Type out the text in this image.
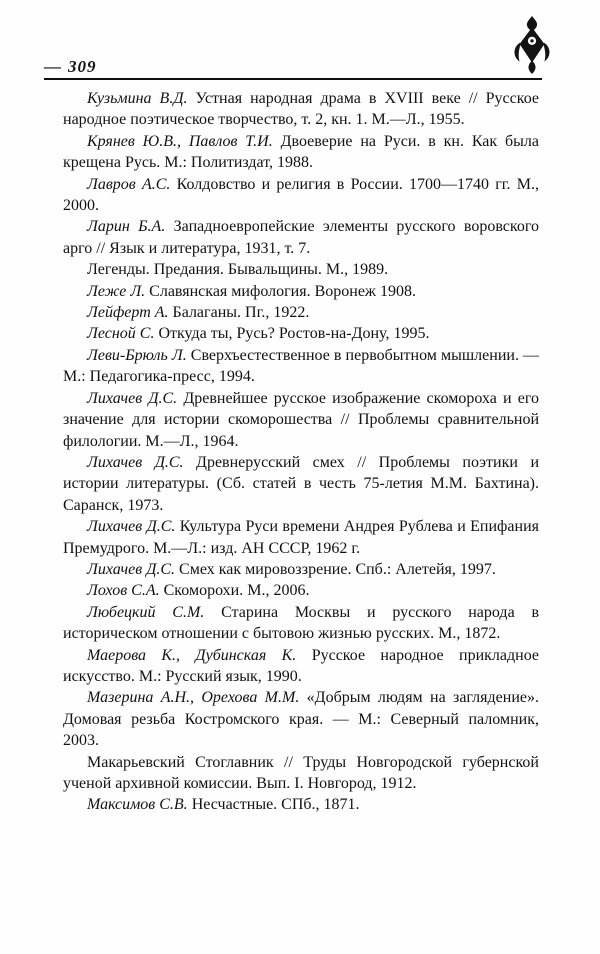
— 309

Кузьмина В.Д. Устная народная драма в XVIII веке // Русское народное поэтическое творчество, т. 2, кн. 1. М.—Л., 1955.

Крянев Ю.В., Павлов Т.И. Двоеверие на Руси. в кн. Как была крещена Русь. М.: Политиздат, 1988.

Лавров А.С. Колдовство и религия в России. 1700—1740 гг. М., 2000.

Ларин Б.А. Западноевропейские элементы русского воровского арго // Язык и литература, 1931, т. 7.

Легенды. Предания. Бывальщины. М., 1989.

Леже Л. Славянская мифология. Воронеж 1908.

Лейферт А. Балаганы. Пг., 1922.

Лесной С. Откуда ты, Русь? Ростов-на-Дону, 1995.

Леви-Брюль Л. Сверхъестественное в первобытном мышлении. — М.: Педагогика-пресс, 1994.

Лихачев Д.С. Древнейшее русское изображение скомороха и его значение для истории скоморошества // Проблемы сравнительной филологии. М.—Л., 1964.

Лихачев Д.С. Древнерусский смех // Проблемы поэтики и истории литературы. (Сб. статей в честь 75-летия М.М. Бахтина). Саранск, 1973.

Лихачев Д.С. Культура Руси времени Андрея Рублева и Епифания Премудрого. М.—Л.: изд. АН СССР, 1962 г.

Лихачев Д.С. Смех как мировоззрение. Спб.: Алетейя, 1997.

Лохов С.А. Скоморохи. М., 2006.

Любецкий С.М. Старина Москвы и русского народа в историческом отношении с бытовою жизнью русских. М., 1872.

Маерова К., Дубинская К. Русское народное прикладное искусство. М.: Русский язык, 1990.

Мазерина А.Н., Орехова М.М. «Добрым людям на заглядение». Домовая резьба Костромского края. — М.: Северный паломник, 2003.

Макарьевский Стоглавник // Труды Новгородской губернской ученой архивной комиссии. Вып. I. Новгород, 1912.

Максимов С.В. Несчастные. СПб., 1871.
